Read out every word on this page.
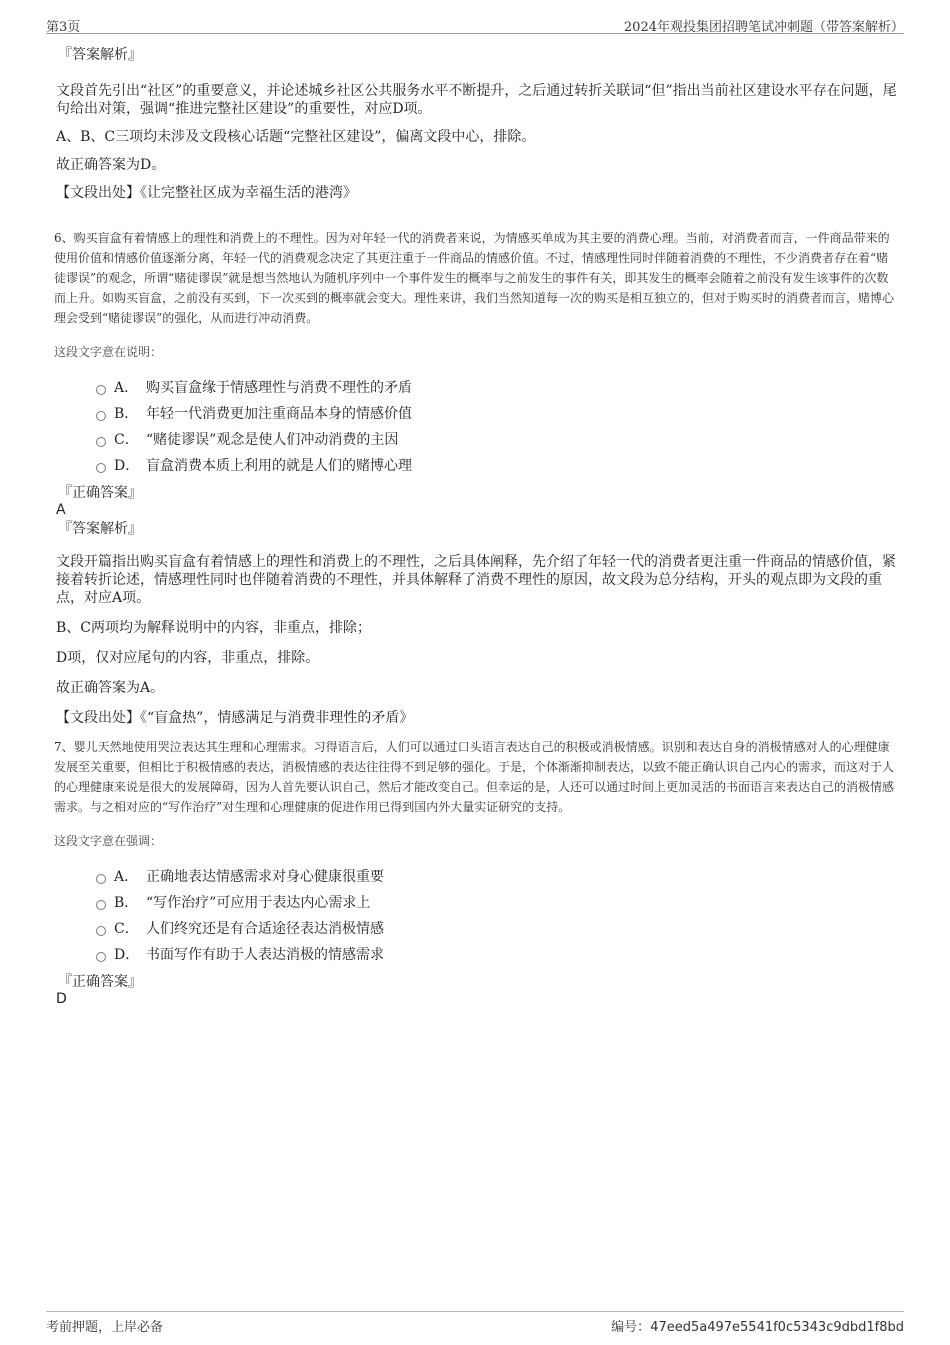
第3页	2024年观投集团招聘笔试冲刺题（带答案解析）
『答案解析』
文段首先引出“社区”的重要意义，并论述城乡社区公共服务水平不断提升，之后通过转折关联词“但”指出当前社区建设水平存在问题，尾句给出对策，强调“推进完整社区建设”的重要性，对应D项。
A、B、C三项均未涉及文段核心话题“完整社区建设”，偏离文段中心，排除。
故正确答案为D。
【文段出处】《让完整社区成为幸福生活的港湾》
6、购买盲盒有着情感上的理性和消费上的不理性。因为对年轻一代的消费者来说，为情感买单成为其主要的消费心理。当前，对消费者而言，一件商品带来的使用价值和情感价值逐渐分离，年轻一代的消费观念决定了其更注重于一件商品的情感价值。不过，情感理性同时伴随着消费的不理性，不少消费者存在着“赌徒谬误”的观念，所谓“赌徒谬误”就是想当然地认为随机序列中一个事件发生的概率与之前发生的事件有关，即其发生的概率会随着之前没有发生该事件的次数而上升。如购买盲盒，之前没有买到，下一次买到的概率就会变大。理性来讲，我们当然知道每一次的购买是相互独立的，但对于购买时的消费者而言，赌博心理会受到“赌徒谬误”的强化，从而进行冲动消费。
这段文字意在说明：
A． 购买盲盒缘于情感理性与消费不理性的矛盾
B． 年轻一代消费更加注重商品本身的情感价值
C． “赌徒谬误”观念是使人们冲动消费的主因
D． 盲盒消费本质上利用的就是人们的赌博心理
『正确答案』
A
『答案解析』
文段开篇指出购买盲盒有着情感上的理性和消费上的不理性，之后具体阐释，先介绍了年轻一代的消费者更注重一件商品的情感价值，紧接着转折论述，情感理性同时也伴随着消费的不理性，并具体解释了消费不理性的原因，故文段为总分结构，开头的观点即为文段的重点，对应A项。
B、C两项均为解释说明中的内容，非重点，排除；
D项，仅对应尾句的内容，非重点，排除。
故正确答案为A。
【文段出处】《“盲盒热”，情感满足与消费非理性的矛盾》
7、婴儿天然地使用哭泣表达其生理和心理需求。习得语言后，人们可以通过口头语言表达自己的积极或消极情感。识别和表达自身的消极情感对人的心理健康发展至关重要，但相比于积极情感的表达，消极情感的表达往往得不到足够的强化。于是，个体渐渐抑制表达，以致不能正确认识自己内心的需求，而这对于人的心理健康来说是很大的发展障碍，因为人首先要认识自己，然后才能改变自己。但幸运的是，人还可以通过时间上更加灵活的书面语言来表达自己的消极情感需求。与之相对应的“写作治疗”对生理和心理健康的促进作用已得到国内外大量实证研究的支持。
这段文字意在强调：
A． 正确地表达情感需求对身心健康很重要
B． “写作治疗”可应用于表达内心需求上
C． 人们终究还是有合适途径表达消极情感
D． 书面写作有助于人表达消极的情感需求
『正确答案』
D
考前押题，上岸必备	编号：47eed5a497e5541f0c5343c9dbd1f8bd
